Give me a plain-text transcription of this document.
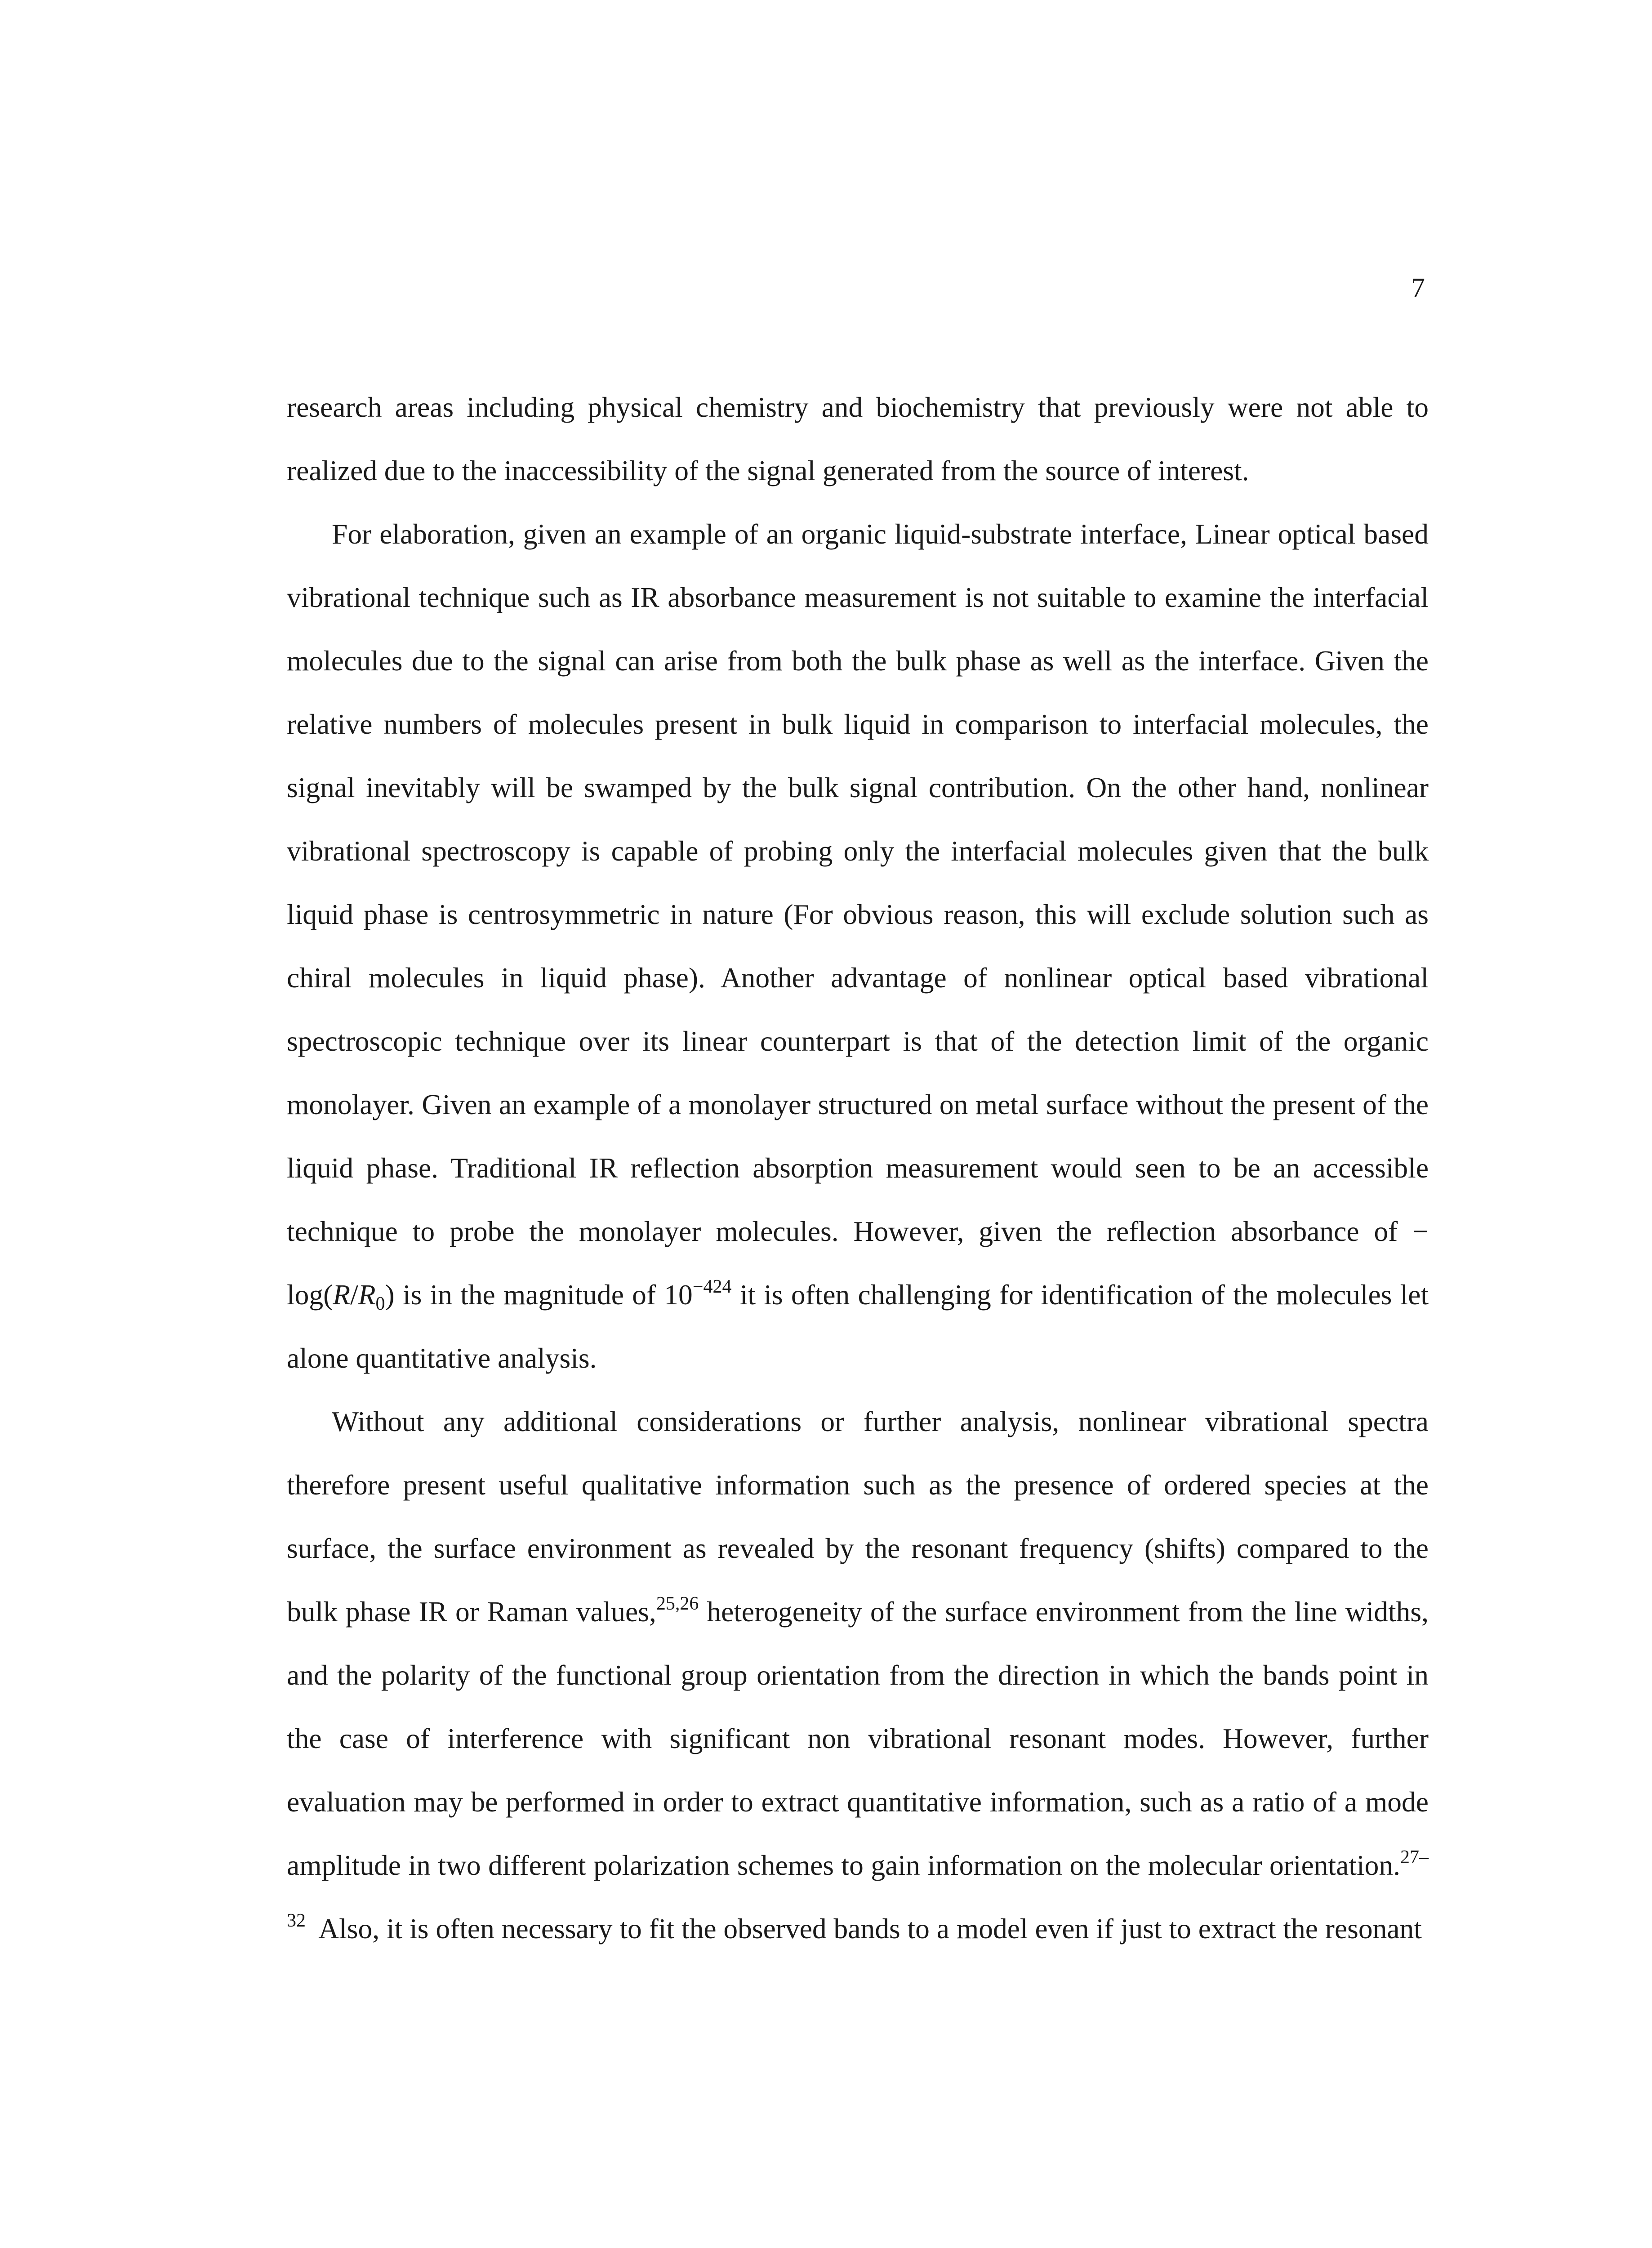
7

research areas including physical chemistry and biochemistry that previously were not able to realized due to the inaccessibility of the signal generated from the source of interest.

For elaboration, given an example of an organic liquid-substrate interface, Linear optical based vibrational technique such as IR absorbance measurement is not suitable to examine the interfacial molecules due to the signal can arise from both the bulk phase as well as the interface. Given the relative numbers of molecules present in bulk liquid in comparison to interfacial molecules, the signal inevitably will be swamped by the bulk signal contribution. On the other hand, nonlinear vibrational spectroscopy is capable of probing only the interfacial molecules given that the bulk liquid phase is centrosymmetric in nature (For obvious reason, this will exclude solution such as chiral molecules in liquid phase). Another advantage of nonlinear optical based vibrational spectroscopic technique over its linear counterpart is that of the detection limit of the organic monolayer. Given an example of a monolayer structured on metal surface without the present of the liquid phase. Traditional IR reflection absorption measurement would seen to be an accessible technique to probe the monolayer molecules. However, given the reflection absorbance of − $\log(R/R_0)$ is in the magnitude of $10^{-424}$ it is often challenging for identification of the molecules let alone quantitative analysis.

Without any additional considerations or further analysis, nonlinear vibrational spectra therefore present useful qualitative information such as the presence of ordered species at the surface, the surface environment as revealed by the resonant frequency (shifts) compared to the bulk phase IR or Raman values,$^{25,26}$ heterogeneity of the surface environment from the line widths, and the polarity of the functional group orientation from the direction in which the bands point in the case of interference with significant non vibrational resonant modes. However, further evaluation may be performed in order to extract quantitative information, such as a ratio of a mode amplitude in two different polarization schemes to gain information on the molecular orientation.$^{27-32}$ Also, it is often necessary to fit the observed bands to a model even if just to extract the resonant
